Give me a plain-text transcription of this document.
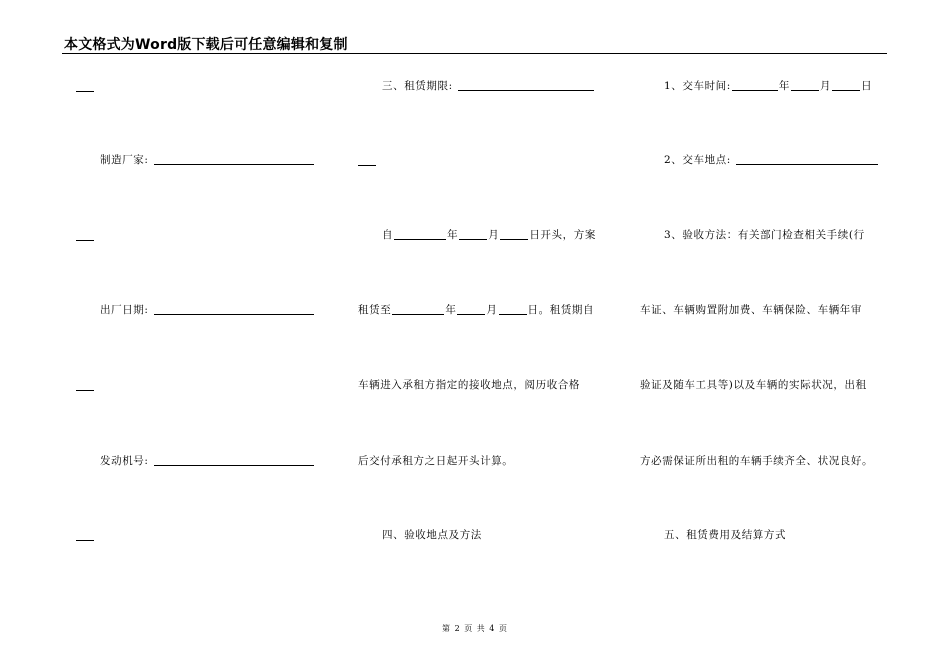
本文格式为Word版下载后可任意编辑和复制
制造厂家:
出厂日期:
发动机号:
三、租赁期限:
自	年	月	日开头，方案
租赁至	年	月	日。租赁期自
车辆进入承租方指定的接收地点，阅历收合格
后交付承租方之日起开头计算。
四、验收地点及方法
1、交车时间:	年	月	日
2、交车地点:
3、验收方法：有关部门检查相关手续(行
车证、车辆购置附加费、车辆保险、车辆年审
验证及随车工具等)以及车辆的实际状况，出租
方必需保证所出租的车辆手续齐全、状况良好。
五、租赁费用及结算方式
第 2 页 共 4 页
